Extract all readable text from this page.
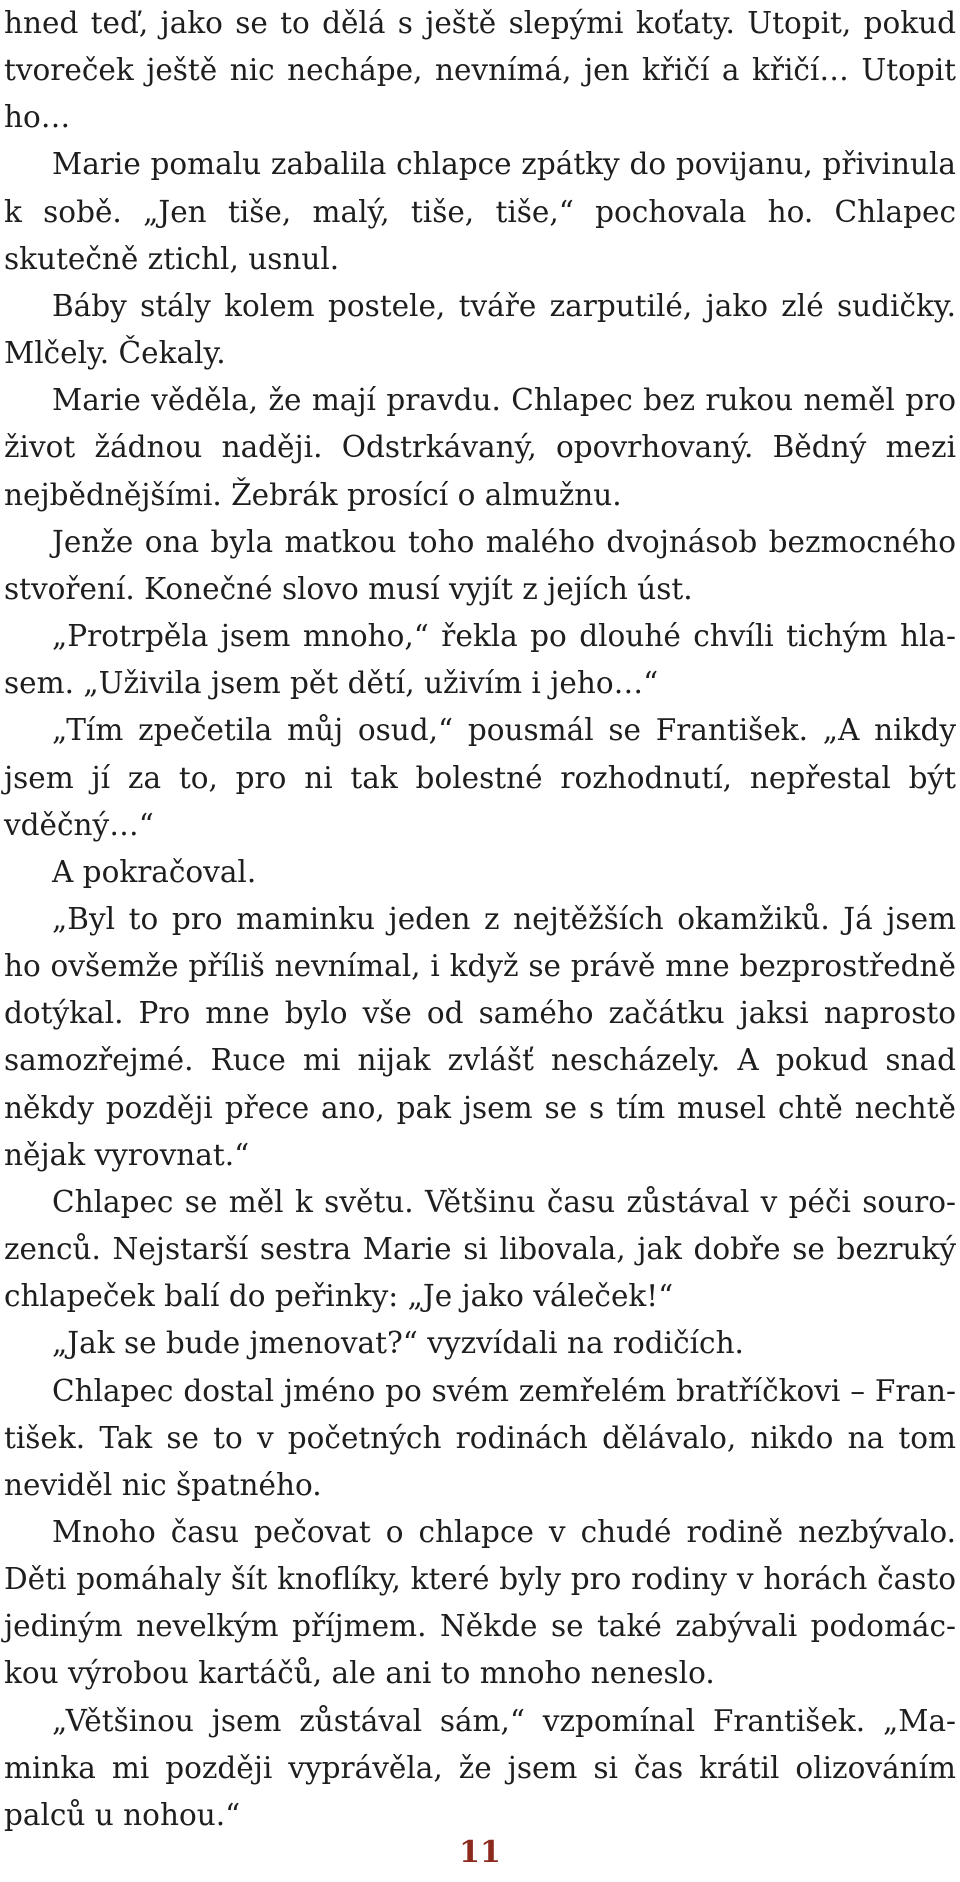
hned teď, jako se to dělá s ještě slepými koťaty. Utopit, pokud tvoreček ještě nic nechápe, nevnímá, jen křičí a křičí… Utopit ho…

Marie pomalu zabalila chlapce zpátky do povijanu, přivinula k sobě. „Jen tiše, malý, tiše, tiše,“ pochovala ho. Chlapec skutečně ztichl, usnul.

Báby stály kolem postele, tváře zarputilé, jako zlé sudičky. Mlčely. Čekaly.

Marie věděla, že mají pravdu. Chlapec bez rukou neměl pro život žádnou naději. Odstrkávaný, opovrhovaný. Bědný mezi nejbědnějšími. Žebrák prosící o almužnu.

Jenže ona byla matkou toho malého dvojnásob bezmocného stvoření. Konečné slovo musí vyjít z jejích úst.

„Protrpěla jsem mnoho,“ řekla po dlouhé chvíli tichým hlasem. „Uživila jsem pět dětí, uživím i jeho…“

„Tím zpečetila můj osud,“ pousmál se František. „A nikdy jsem jí za to, pro ni tak bolestné rozhodnutí, nepřestal být vděčný…“

A pokračoval.

„Byl to pro maminku jeden z nejtěžších okamžiků. Já jsem ho ovšemže příliš nevnímal, i když se právě mne bezprostředně dotýkal. Pro mne bylo vše od samého začátku jaksi naprosto samozřejmé. Ruce mi nijak zvlášť nescházely. A pokud snad někdy později přece ano, pak jsem se s tím musel chtě nechtě nějak vyrovnat.“

Chlapec se měl k světu. Většinu času zůstával v péči sourozenců. Nejstarší sestra Marie si libovala, jak dobře se bezruký chlapeček balí do peřinky: „Je jako váleček!“

„Jak se bude jmenovat?“ vyzvídali na rodičích.

Chlapec dostal jméno po svém zemřelém bratříčkovi – František. Tak se to v početných rodinách dělávalo, nikdo na tom neviděl nic špatného.

Mnoho času pečovat o chlapce v chudé rodině nezbývalo. Děti pomáhaly šít knoflíky, které byly pro rodiny v horách často jediným nevelkým příjmem. Někde se také zabývali podomáckou výrobou kartáčů, ale ani to mnoho neneslo.

„Většinou jsem zůstával sám,“ vzpomínal František. „Maminka mi později vyprávěla, že jsem si čas krátil olizováním palců u nohou.“

11
